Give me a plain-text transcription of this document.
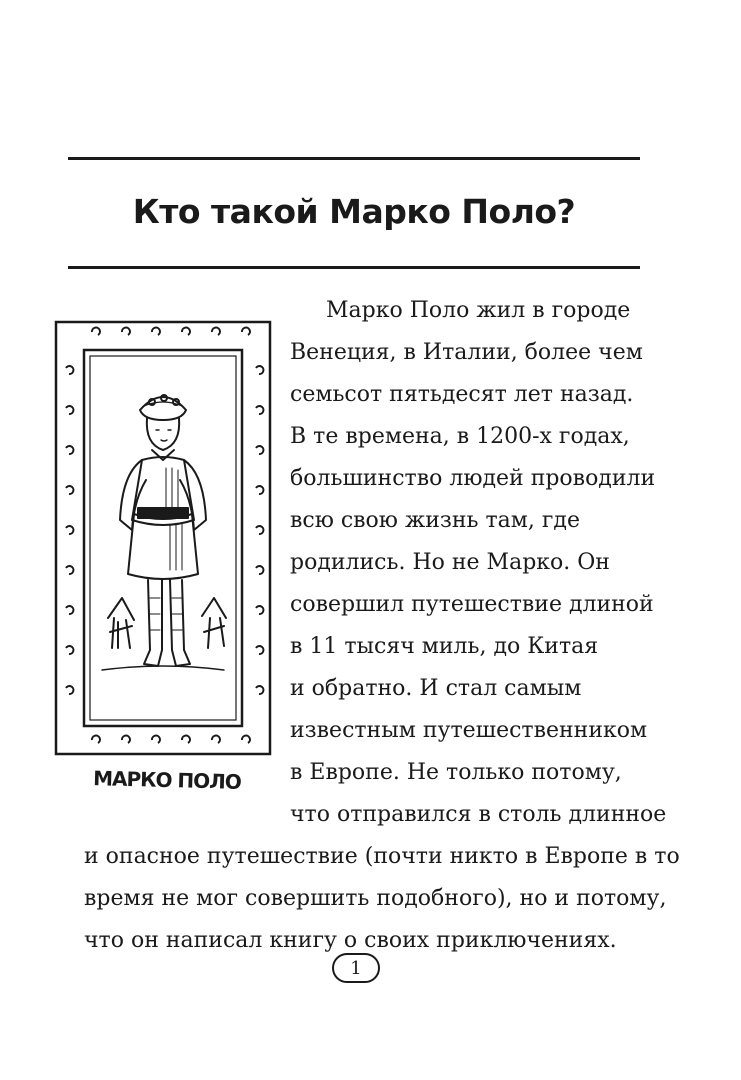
Кто такой Марко Поло?
МАРКО ПОЛО
Марко Поло жил в городе
Венеция, в Италии, более чем
семьсот пятьдесят лет назад.
В те времена, в 1200-х годах,
большинство людей проводили
всю свою жизнь там, где
родились. Но не Марко. Он
совершил путешествие длиной
в 11 тысяч миль, до Китая
и обратно. И стал самым
известным путешественником
в Европе. Не только потому,
что отправился в столь длинное
и опасное путешествие (почти никто в Европе в то
время не мог совершить подобного), но и потому,
что он написал книгу о своих приключениях.
1
